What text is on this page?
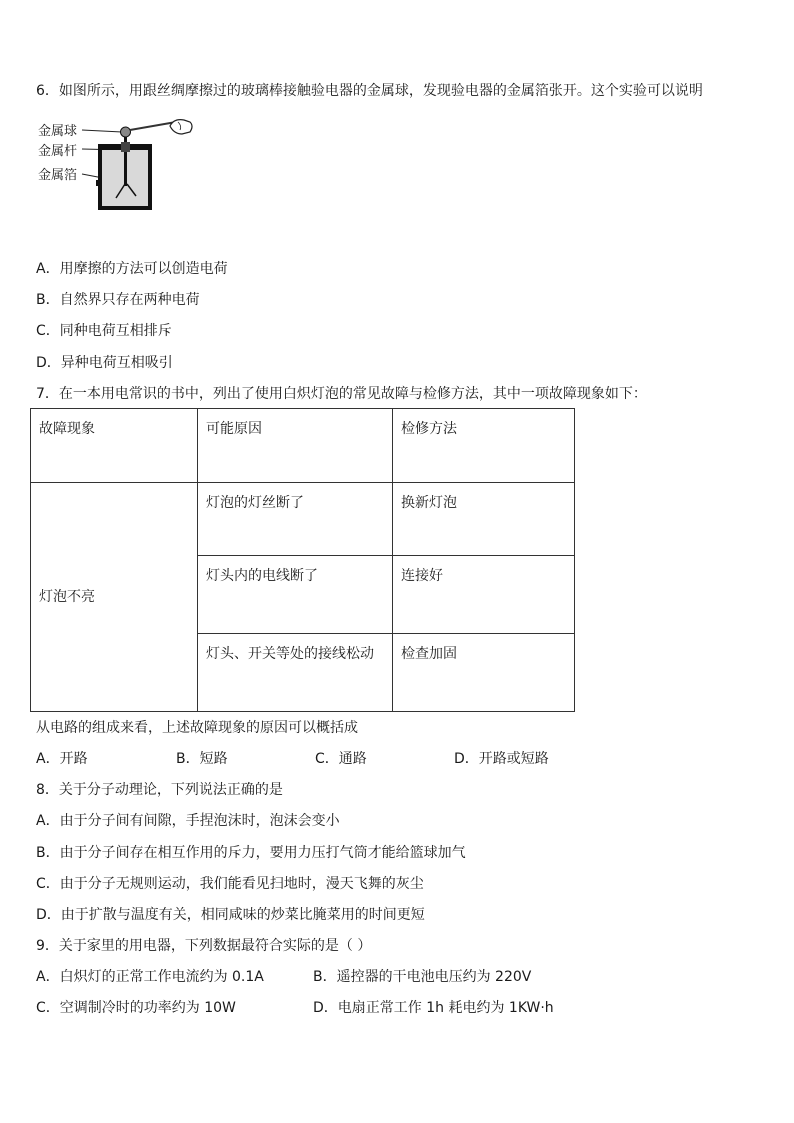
6．如图所示，用跟丝绸摩擦过的玻璃棒接触验电器的金属球，发现验电器的金属箔张开。这个实验可以说明
金属球
金属杆
金属箔
A．用摩擦的方法可以创造电荷
B．自然界只存在两种电荷
C．同种电荷互相排斥
D．异种电荷互相吸引
7．在一本用电常识的书中，列出了使用白炽灯泡的常见故障与检修方法，其中一项故障现象如下：
故障现象	可能原因	检修方法
灯泡不亮	灯泡的灯丝断了	换新灯泡
	灯头内的电线断了	连接好
	灯头、开关等处的接线松动	检查加固
从电路的组成来看，上述故障现象的原因可以概括成
A．开路	B．短路	C．通路	D．开路或短路
8．关于分子动理论，下列说法正确的是
A．由于分子间有间隙，手捏泡沫时，泡沫会变小
B．由于分子间存在相互作用的斥力，要用力压打气筒才能给篮球加气
C．由于分子无规则运动，我们能看见扫地时，漫天飞舞的灰尘
D．由于扩散与温度有关，相同咸味的炒菜比腌菜用的时间更短
9．关于家里的用电器，下列数据最符合实际的是（ ）
A．白炽灯的正常工作电流约为 0.1A	B．遥控器的干电池电压约为 220V
C．空调制冷时的功率约为 10W	D．电扇正常工作 1h 耗电约为 1KW·h
